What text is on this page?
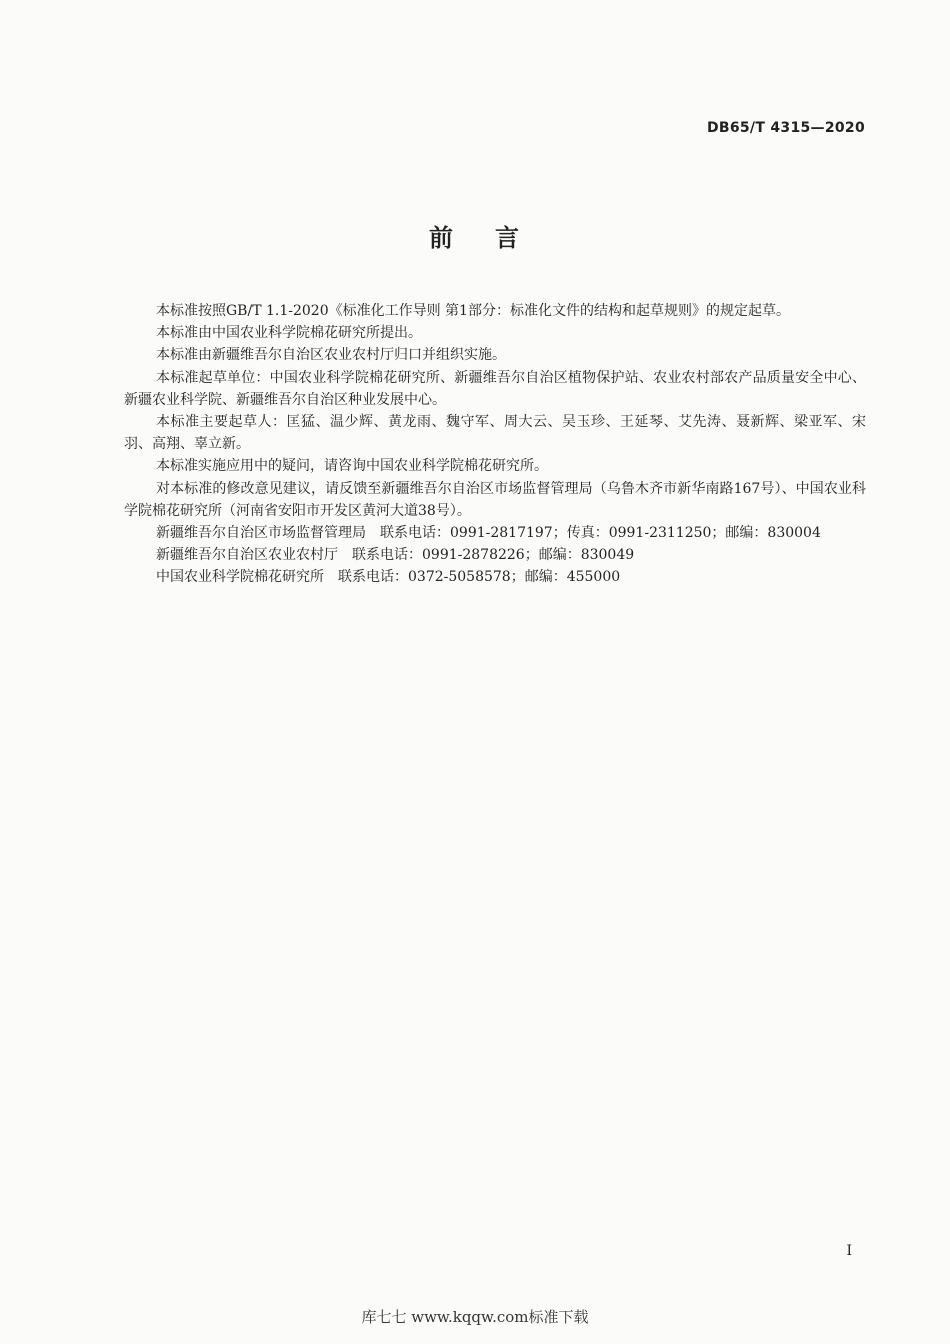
DB65/T 4315—2020
前言

本标准按照GB/T 1.1-2020《标准化工作导则 第1部分：标准化文件的结构和起草规则》的规定起草。

本标准由中国农业科学院棉花研究所提出。

本标准由新疆维吾尔自治区农业农村厅归口并组织实施。

本标准起草单位：中国农业科学院棉花研究所、新疆维吾尔自治区植物保护站、农业农村部农产品质量安全中心、新疆农业科学院、新疆维吾尔自治区种业发展中心。

本标准主要起草人：匡猛、温少辉、黄龙雨、魏守军、周大云、吴玉珍、王延琴、艾先涛、聂新辉、梁亚军、宋羽、高翔、辜立新。

本标准实施应用中的疑问，请咨询中国农业科学院棉花研究所。

对本标准的修改意见建议，请反馈至新疆维吾尔自治区市场监督管理局（乌鲁木齐市新华南路167号）、中国农业科学院棉花研究所（河南省安阳市开发区黄河大道38号）。

新疆维吾尔自治区市场监督管理局　联系电话：0991-2817197；传真：0991-2311250；邮编：830004

新疆维吾尔自治区农业农村厅　联系电话：0991-2878226；邮编：830049

中国农业科学院棉花研究所　联系电话：0372-5058578；邮编：455000

I
库七七 www.kqqw.com标准下载
